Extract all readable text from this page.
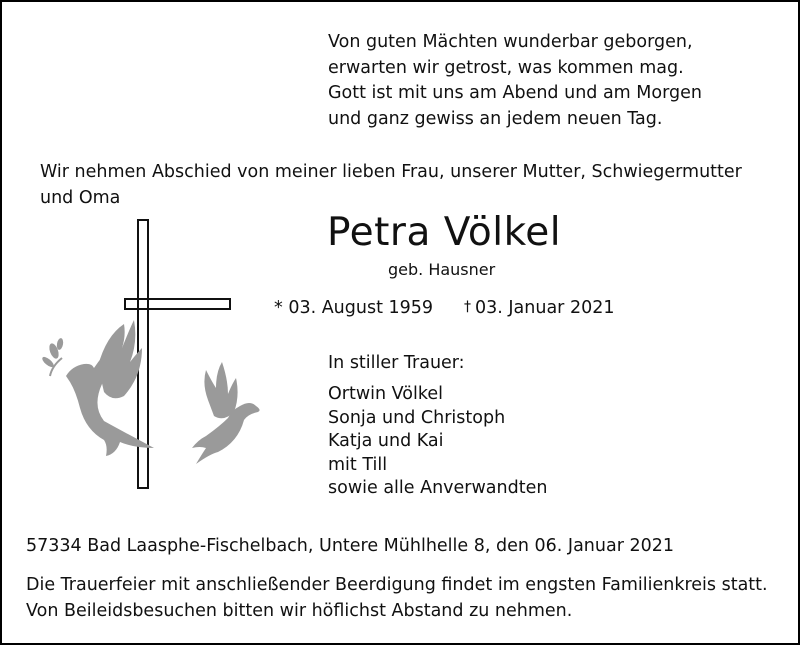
Von guten Mächten wunderbar geborgen,
erwarten wir getrost, was kommen mag.
Gott ist mit uns am Abend und am Morgen
und ganz gewiss an jedem neuen Tag.
Wir nehmen Abschied von meiner lieben Frau, unserer Mutter, Schwiegermutter
und Oma
Petra Völkel
geb. Hausner
* 03. August 1959 † 03. Januar 2021
In stiller Trauer:
Ortwin Völkel
Sonja und Christoph
Katja und Kai
mit Till
sowie alle Anverwandten
57334 Bad Laasphe-Fischelbach, Untere Mühlhelle 8, den 06. Januar 2021
Die Trauerfeier mit anschließender Beerdigung findet im engsten Familienkreis statt.
Von Beileidsbesuchen bitten wir höflichst Abstand zu nehmen.
